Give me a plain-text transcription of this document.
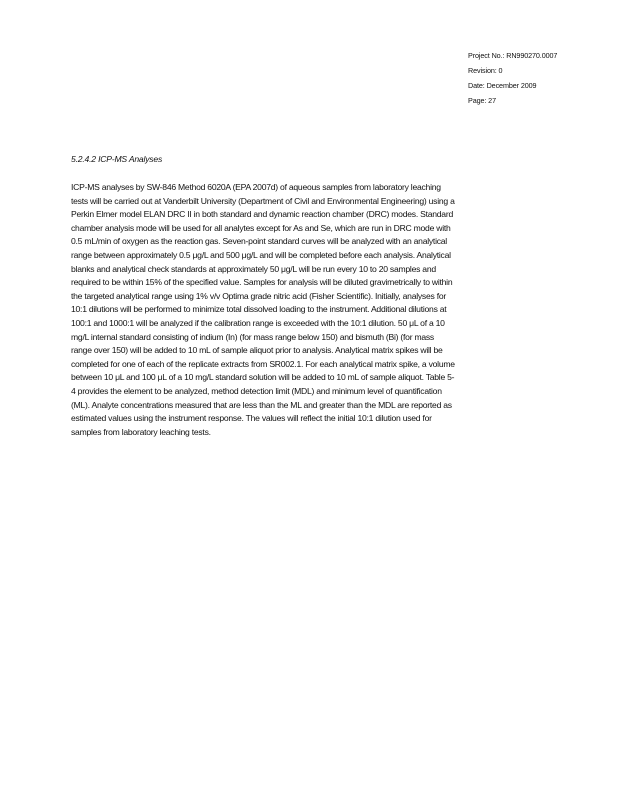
Project No.: RN990270.0007
Revision: 0
Date: December 2009
Page: 27
5.2.4.2 ICP-MS Analyses
ICP-MS analyses by SW-846 Method 6020A (EPA 2007d) of aqueous samples from laboratory leaching
tests will be carried out at Vanderbilt University (Department of Civil and Environmental Engineering) using a
Perkin Elmer model ELAN DRC II in both standard and dynamic reaction chamber (DRC) modes. Standard
chamber analysis mode will be used for all analytes except for As and Se, which are run in DRC mode with
0.5 mL/min of oxygen as the reaction gas. Seven-point standard curves will be analyzed with an analytical
range between approximately 0.5 μg/L and 500 μg/L and will be completed before each analysis. Analytical
blanks and analytical check standards at approximately 50 μg/L will be run every 10 to 20 samples and
required to be within 15% of the specified value. Samples for analysis will be diluted gravimetrically to within
the targeted analytical range using 1% v/v Optima grade nitric acid (Fisher Scientific). Initially, analyses for
10:1 dilutions will be performed to minimize total dissolved loading to the instrument. Additional dilutions at
100:1 and 1000:1 will be analyzed if the calibration range is exceeded with the 10:1 dilution. 50 μL of a 10
mg/L internal standard consisting of indium (In) (for mass range below 150) and bismuth (Bi) (for mass
range over 150) will be added to 10 mL of sample aliquot prior to analysis. Analytical matrix spikes will be
completed for one of each of the replicate extracts from SR002.1. For each analytical matrix spike, a volume
between 10 μL and 100 μL of a 10 mg/L standard solution will be added to 10 mL of sample aliquot. Table 5-
4 provides the element to be analyzed, method detection limit (MDL) and minimum level of quantification
(ML). Analyte concentrations measured that are less than the ML and greater than the MDL are reported as
estimated values using the instrument response. The values will reflect the initial 10:1 dilution used for
samples from laboratory leaching tests.
